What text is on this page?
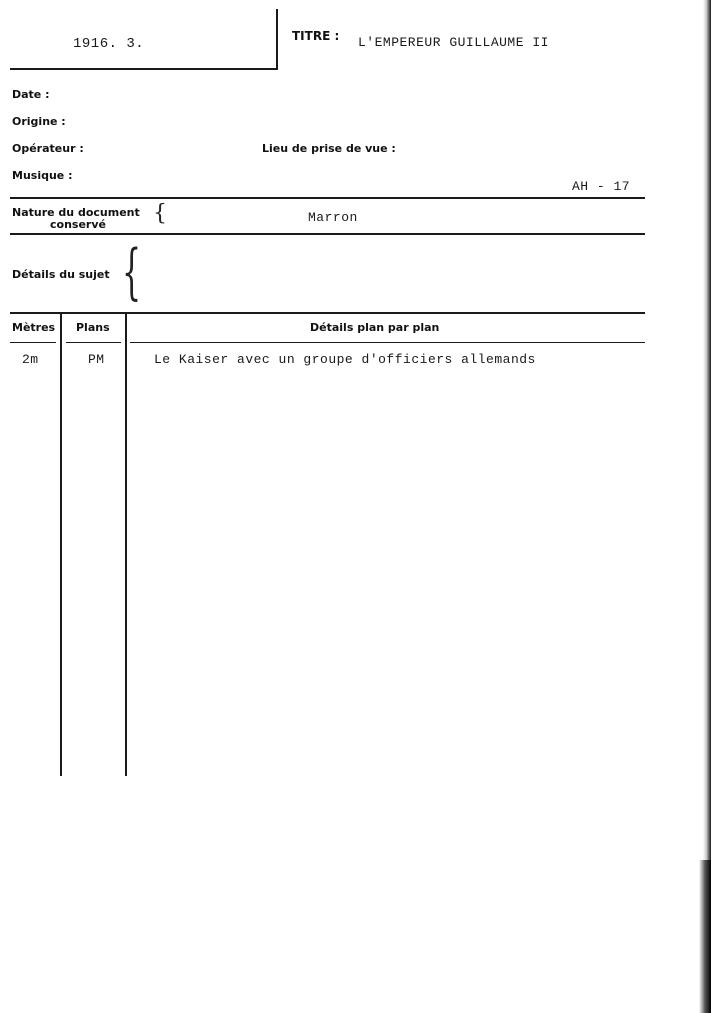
1916. 3.	TITRE : L'EMPEREUR GUILLAUME II
Date :
Origine :
Opérateur :	Lieu de prise de vue :
Musique :
AH - 17
Nature du document
conservé {	Marron
Détails du sujet {
Mètres Plans	Détails plan par plan
2m	PM	Le Kaiser avec un groupe d'officiers allemands
